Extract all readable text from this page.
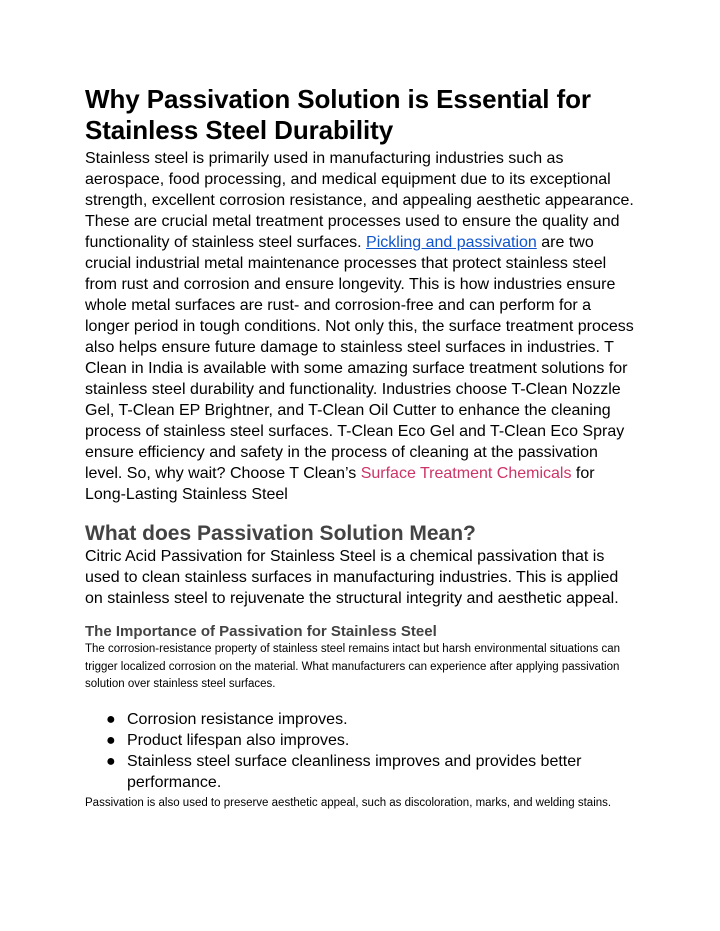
Why Passivation Solution is Essential for Stainless Steel Durability

Stainless steel is primarily used in manufacturing industries such as aerospace, food processing, and medical equipment due to its exceptional strength, excellent corrosion resistance, and appealing aesthetic appearance. These are crucial metal treatment processes used to ensure the quality and functionality of stainless steel surfaces. Pickling and passivation are two crucial industrial metal maintenance processes that protect stainless steel from rust and corrosion and ensure longevity. This is how industries ensure whole metal surfaces are rust- and corrosion-free and can perform for a longer period in tough conditions. Not only this, the surface treatment process also helps ensure future damage to stainless steel surfaces in industries. T Clean in India is available with some amazing surface treatment solutions for stainless steel durability and functionality. Industries choose T-Clean Nozzle Gel, T-Clean EP Brightner, and T-Clean Oil Cutter to enhance the cleaning process of stainless steel surfaces. T-Clean Eco Gel and T-Clean Eco Spray ensure efficiency and safety in the process of cleaning at the passivation level. So, why wait? Choose T Clean’s Surface Treatment Chemicals for Long-Lasting Stainless Steel

What does Passivation Solution Mean?

Citric Acid Passivation for Stainless Steel is a chemical passivation that is used to clean stainless surfaces in manufacturing industries. This is applied on stainless steel to rejuvenate the structural integrity and aesthetic appeal.

The Importance of Passivation for Stainless Steel

The corrosion-resistance property of stainless steel remains intact but harsh environmental situations can trigger localized corrosion on the material. What manufacturers can experience after applying passivation solution over stainless steel surfaces.

● Corrosion resistance improves.
● Product lifespan also improves.
● Stainless steel surface cleanliness improves and provides better performance.

Passivation is also used to preserve aesthetic appeal, such as discoloration, marks, and welding stains.
